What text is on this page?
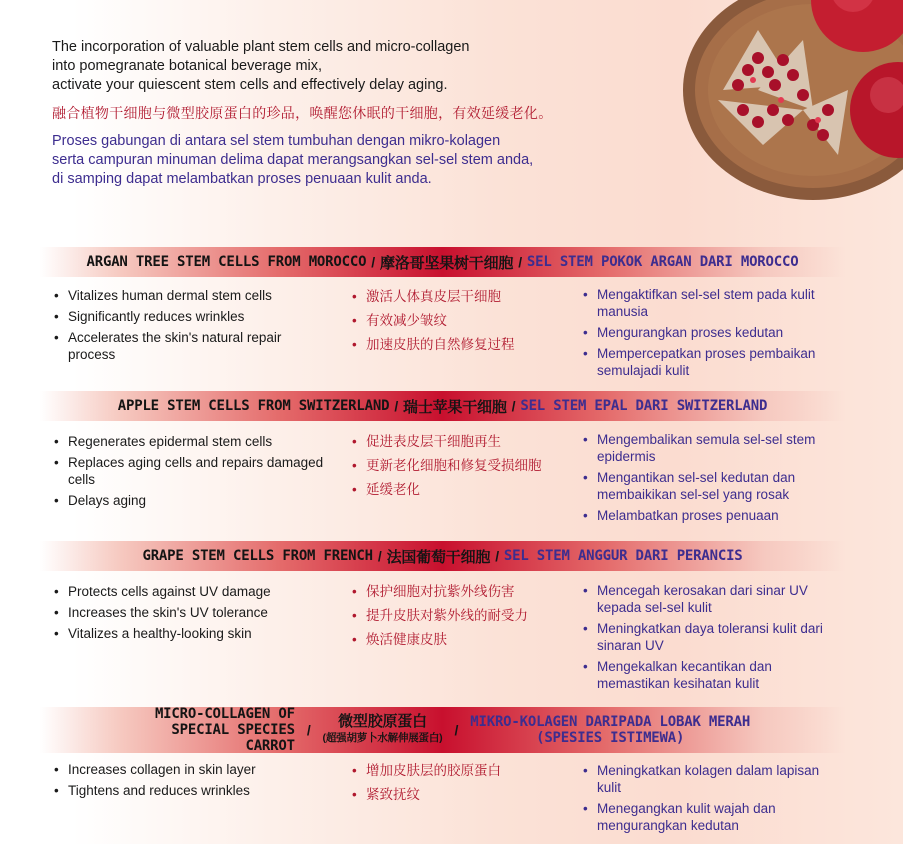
The incorporation of valuable plant stem cells and micro-collagen
into pomegranate botanical beverage mix,
activate your quiescent stem cells and effectively delay aging.

融合植物干细胞与微型胶原蛋白的珍品，唤醒您休眠的干细胞，有效延缓老化。

Proses gabungan di antara sel stem tumbuhan dengan mikro-kolagen
serta campuran minuman delima dapat merangsangkan sel-sel stem anda,
di samping dapat melambatkan proses penuaan kulit anda.

ARGAN TREE STEM CELLS FROM MOROCCO / 摩洛哥坚果树干细胞 / SEL STEM POKOK ARGAN DARI MOROCCO
• Vitalizes human dermal stem cells
• Significantly reduces wrinkles
• Accelerates the skin's natural repair process
• 激活人体真皮层干细胞
• 有效减少皱纹
• 加速皮肤的自然修复过程
• Mengaktifkan sel-sel stem pada kulit manusia
• Mengurangkan proses kedutan
• Mempercepatkan proses pembaikan semulajadi kulit
APPLE STEM CELLS FROM SWITZERLAND / 瑞士苹果干细胞 / SEL STEM EPAL DARI SWITZERLAND
• Regenerates epidermal stem cells
• Replaces aging cells and repairs damaged cells
• Delays aging
• 促进表皮层干细胞再生
• 更新老化细胞和修复受损细胞
• 延缓老化
• Mengembalikan semula sel-sel stem epidermis
• Mengantikan sel-sel kedutan dan membaikikan sel-sel yang rosak
• Melambatkan proses penuaan
GRAPE STEM CELLS FROM FRENCH / 法国葡萄干细胞 / SEL STEM ANGGUR DARI PERANCIS
• Protects cells against UV damage
• Increases the skin's UV tolerance
• Vitalizes a healthy-looking skin
• 保护细胞对抗紫外线伤害
• 提升皮肤对紫外线的耐受力
• 焕活健康皮肤
• Mencegah kerosakan dari sinar UV kepada sel-sel kulit
• Meningkatkan daya toleransi kulit dari sinaran UV
• Mengekalkan kecantikan dan memastikan kesihatan kulit
MICRO-COLLAGEN OF SPECIAL SPECIES CARROT
/ 微型胶原蛋白
(超强胡萝卜水解伸展蛋白) / MIKRO-KOLAGEN DARIPADA LOBAK MERAH (SPESIES ISTIMEWA)
• Increases collagen in skin layer
• Tightens and reduces wrinkles
• 增加皮肤层的胶原蛋白
• 紧致抚纹
• Meningkatkan kolagen dalam lapisan kulit
• Menegangkan kulit wajah dan mengurangkan kedutan
